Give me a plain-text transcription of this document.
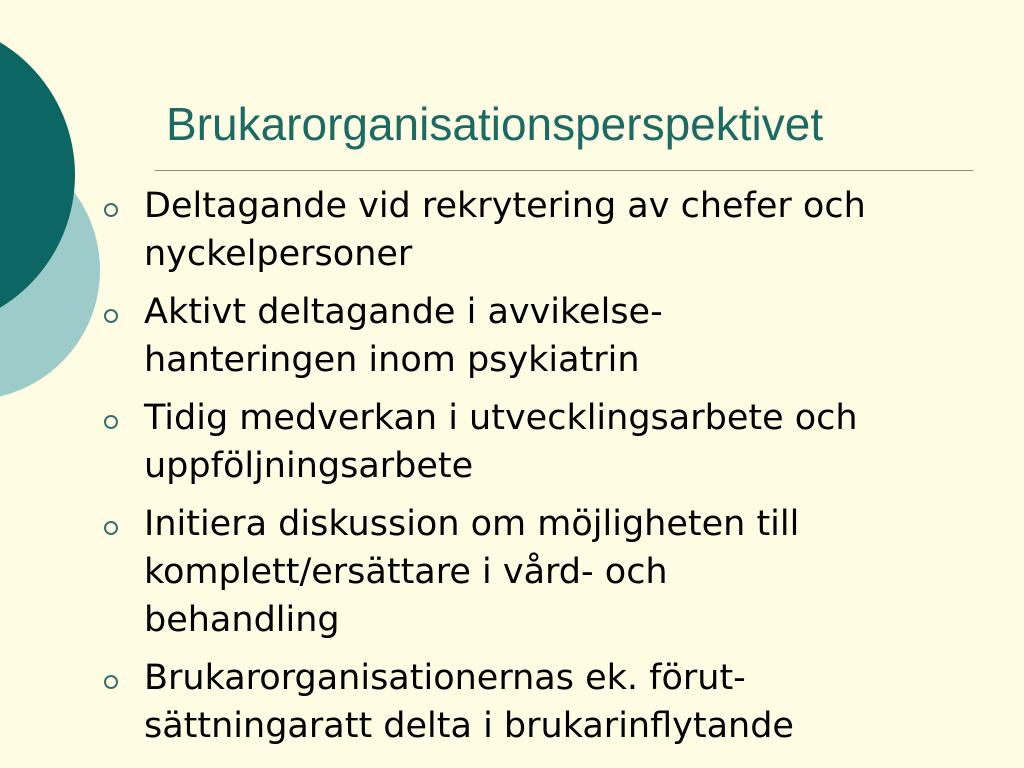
Brukarorganisationsperspektivet
Deltagande vid rekrytering av chefer och
nyckelpersoner
Aktivt deltagande i avvikelse-
hanteringen inom psykiatrin
Tidig medverkan i utvecklingsarbete och
uppföljningsarbete
Initiera diskussion om möjligheten till
komplett/ersättare i vård- och
behandling
Brukarorganisationernas ek. förut-
sättningaratt delta i brukarinflytande
